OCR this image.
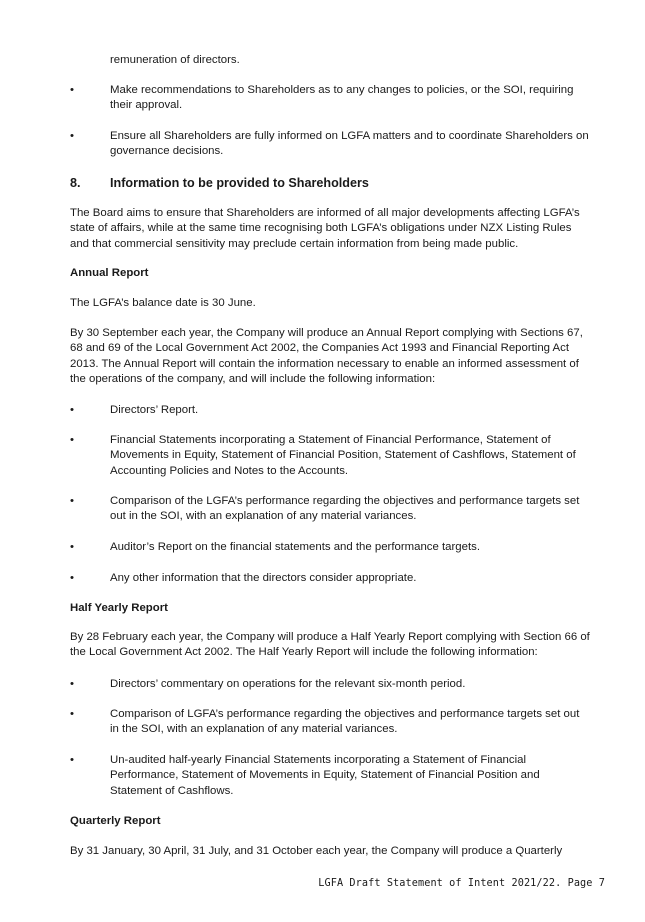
remuneration of directors.
•	Make recommendations to Shareholders as to any changes to policies, or the SOI, requiring their approval.
•	Ensure all Shareholders are fully informed on LGFA matters and to coordinate Shareholders on governance decisions.
8. Information to be provided to Shareholders
The Board aims to ensure that Shareholders are informed of all major developments affecting LGFA’s state of affairs, while at the same time recognising both LGFA’s obligations under NZX Listing Rules and that commercial sensitivity may preclude certain information from being made public.
Annual Report
The LGFA’s balance date is 30 June.
By 30 September each year, the Company will produce an Annual Report complying with Sections 67, 68 and 69 of the Local Government Act 2002, the Companies Act 1993 and Financial Reporting Act 2013. The Annual Report will contain the information necessary to enable an informed assessment of the operations of the company, and will include the following information:
•	Directors’ Report.
•	Financial Statements incorporating a Statement of Financial Performance, Statement of Movements in Equity, Statement of Financial Position, Statement of Cashflows, Statement of Accounting Policies and Notes to the Accounts.
•	Comparison of the LGFA’s performance regarding the objectives and performance targets set out in the SOI, with an explanation of any material variances.
•	Auditor’s Report on the financial statements and the performance targets.
•	Any other information that the directors consider appropriate.
Half Yearly Report
By 28 February each year, the Company will produce a Half Yearly Report complying with Section 66 of the Local Government Act 2002. The Half Yearly Report will include the following information:
•	Directors’ commentary on operations for the relevant six-month period.
•	Comparison of LGFA’s performance regarding the objectives and performance targets set out in the SOI, with an explanation of any material variances.
•	Un-audited half-yearly Financial Statements incorporating a Statement of Financial Performance, Statement of Movements in Equity, Statement of Financial Position and Statement of Cashflows.
Quarterly Report
By 31 January, 30 April, 31 July, and 31 October each year, the Company will produce a Quarterly
LGFA Draft Statement of Intent 2021/22. Page 7
